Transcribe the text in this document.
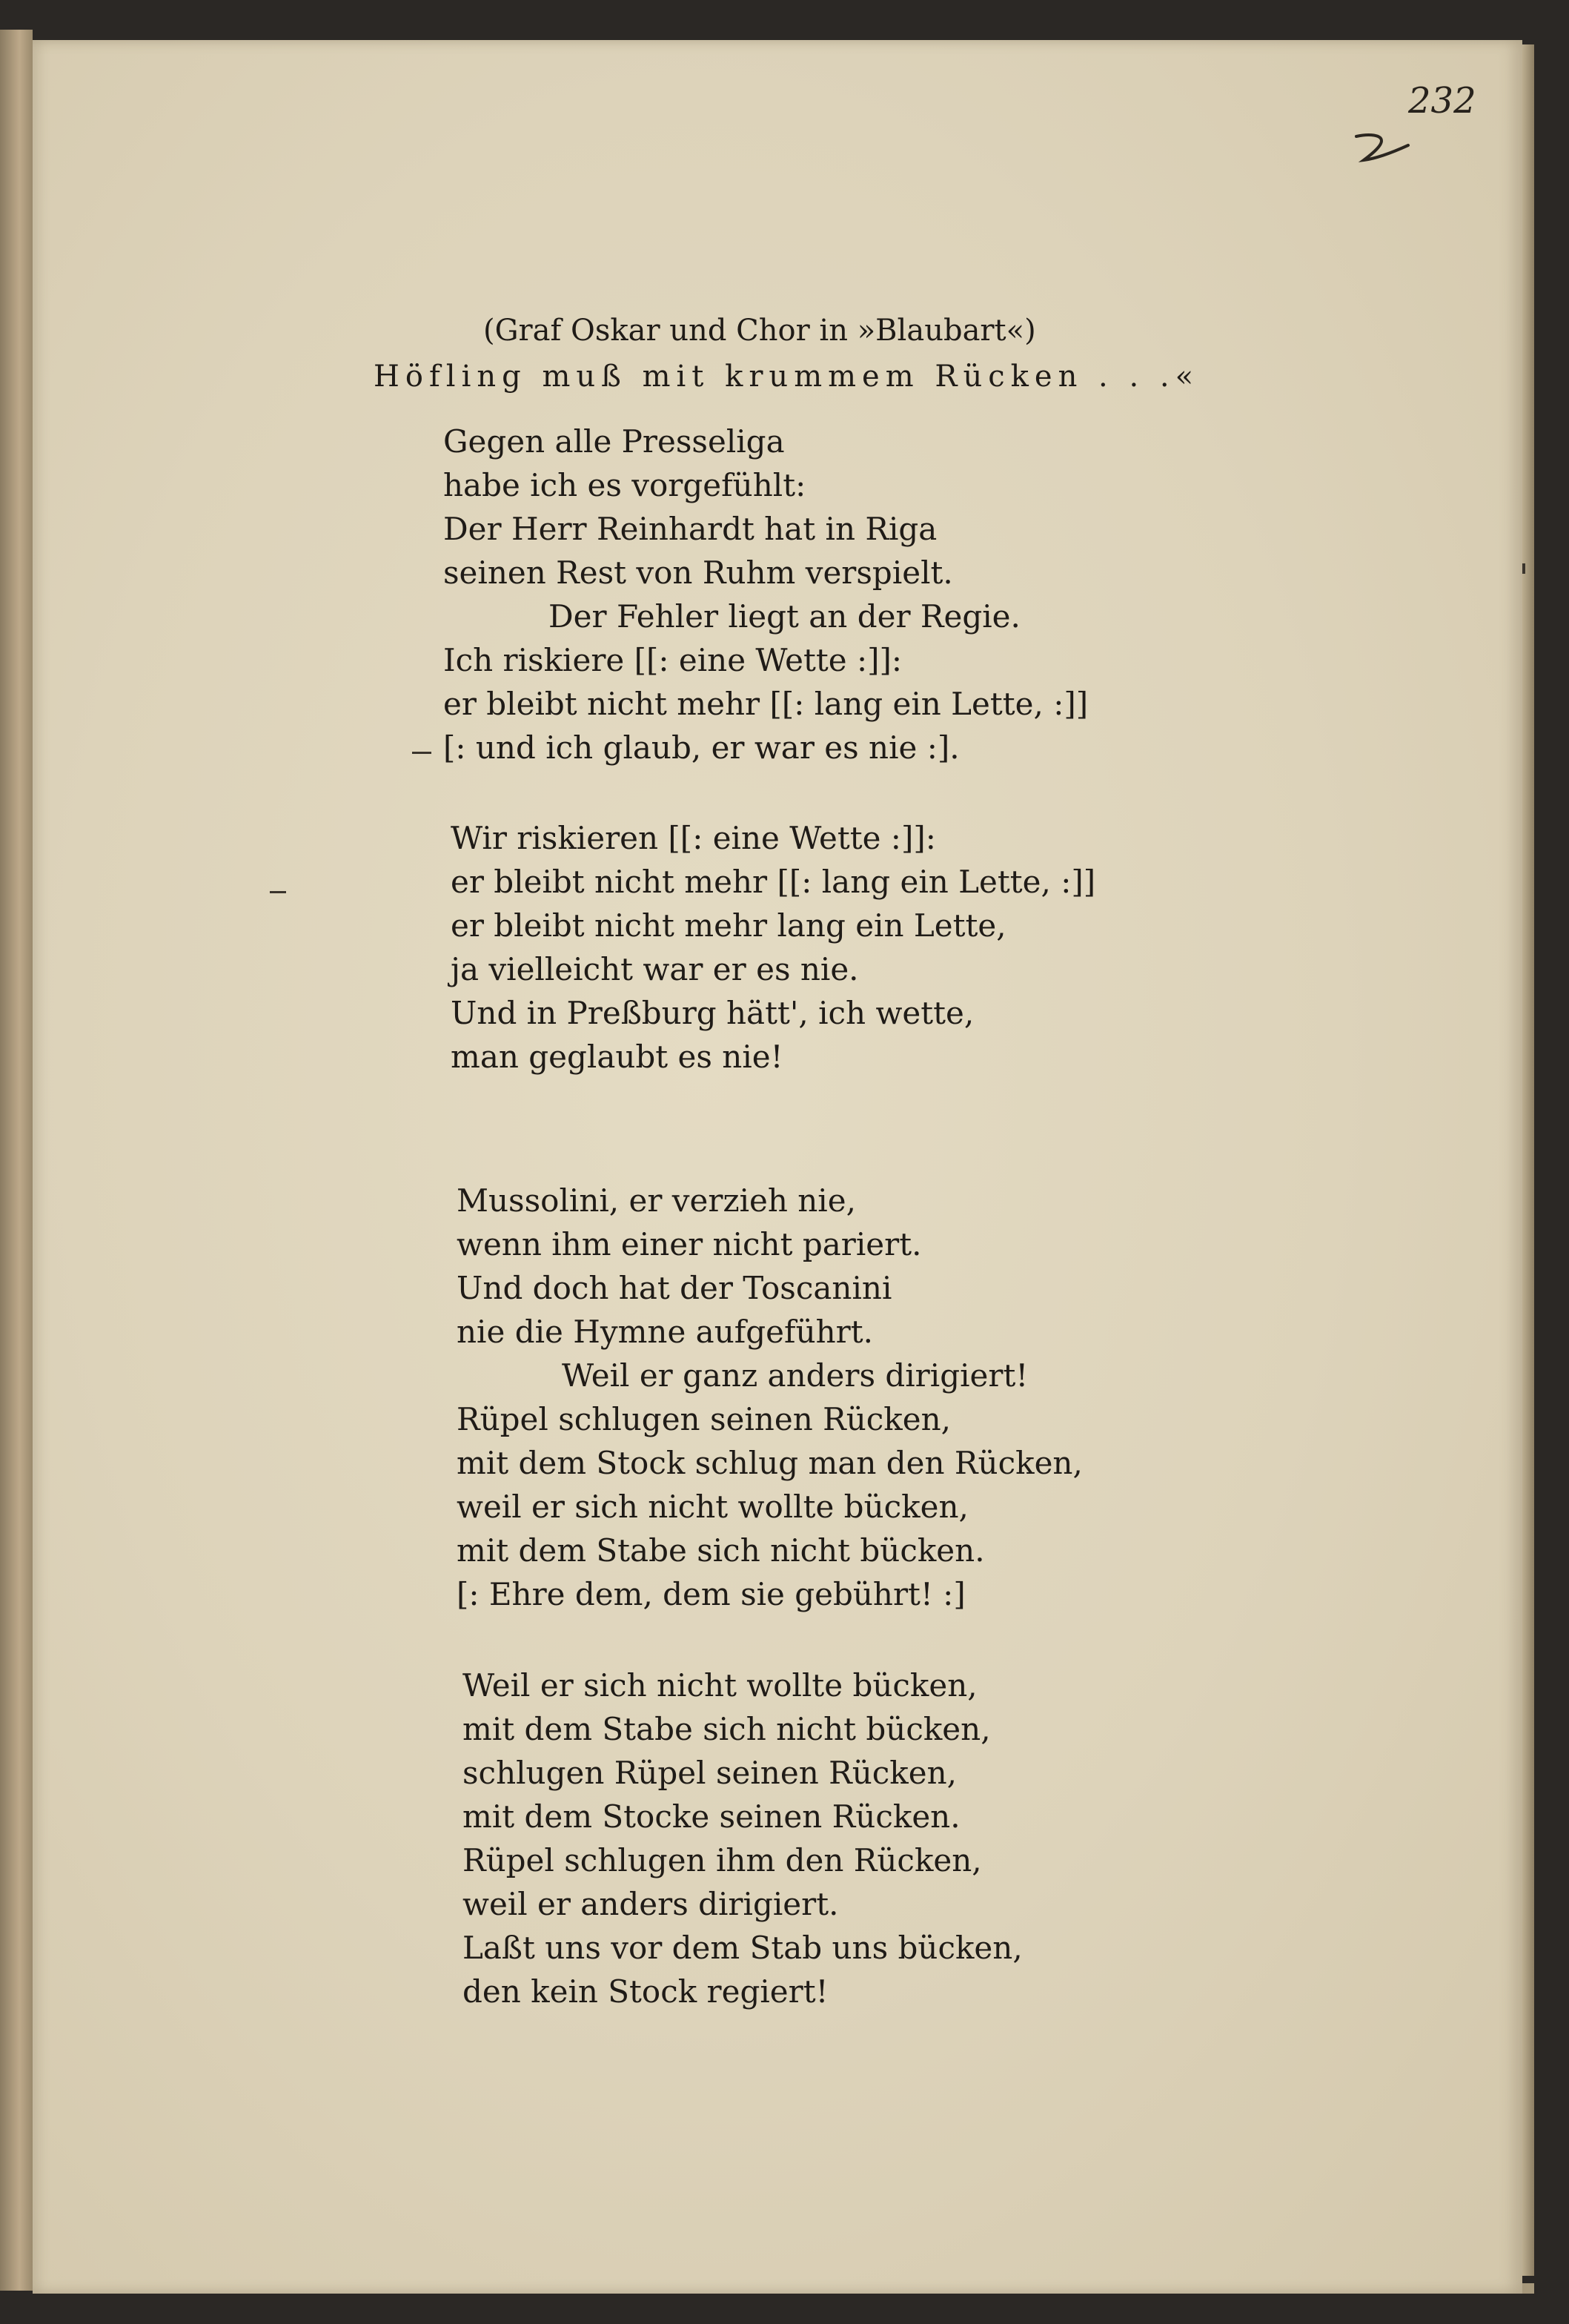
232
(Graf Oskar und Chor in »Blaubart«)
Höfling muß mit krummem Rücken . . .«
Gegen alle Presseliga
habe ich es vorgefühlt:
Der Herr Reinhardt hat in Riga
seinen Rest von Ruhm verspielt.
Der Fehler liegt an der Regie.
Ich riskiere [[: eine Wette :]]:
er bleibt nicht mehr [[: lang ein Lette, :]]
[: und ich glaub, er war es nie :].
Wir riskieren [[: eine Wette :]]:
er bleibt nicht mehr [[: lang ein Lette, :]]
er bleibt nicht mehr lang ein Lette,
ja vielleicht war er es nie.
Und in Preßburg hätt', ich wette,
man geglaubt es nie!
Mussolini, er verzieh nie,
wenn ihm einer nicht pariert.
Und doch hat der Toscanini
nie die Hymne aufgeführt.
Weil er ganz anders dirigiert!
Rüpel schlugen seinen Rücken,
mit dem Stock schlug man den Rücken,
weil er sich nicht wollte bücken,
mit dem Stabe sich nicht bücken.
[: Ehre dem, dem sie gebührt! :]
Weil er sich nicht wollte bücken,
mit dem Stabe sich nicht bücken,
schlugen Rüpel seinen Rücken,
mit dem Stocke seinen Rücken.
Rüpel schlugen ihm den Rücken,
weil er anders dirigiert.
Laßt uns vor dem Stab uns bücken,
den kein Stock regiert!
